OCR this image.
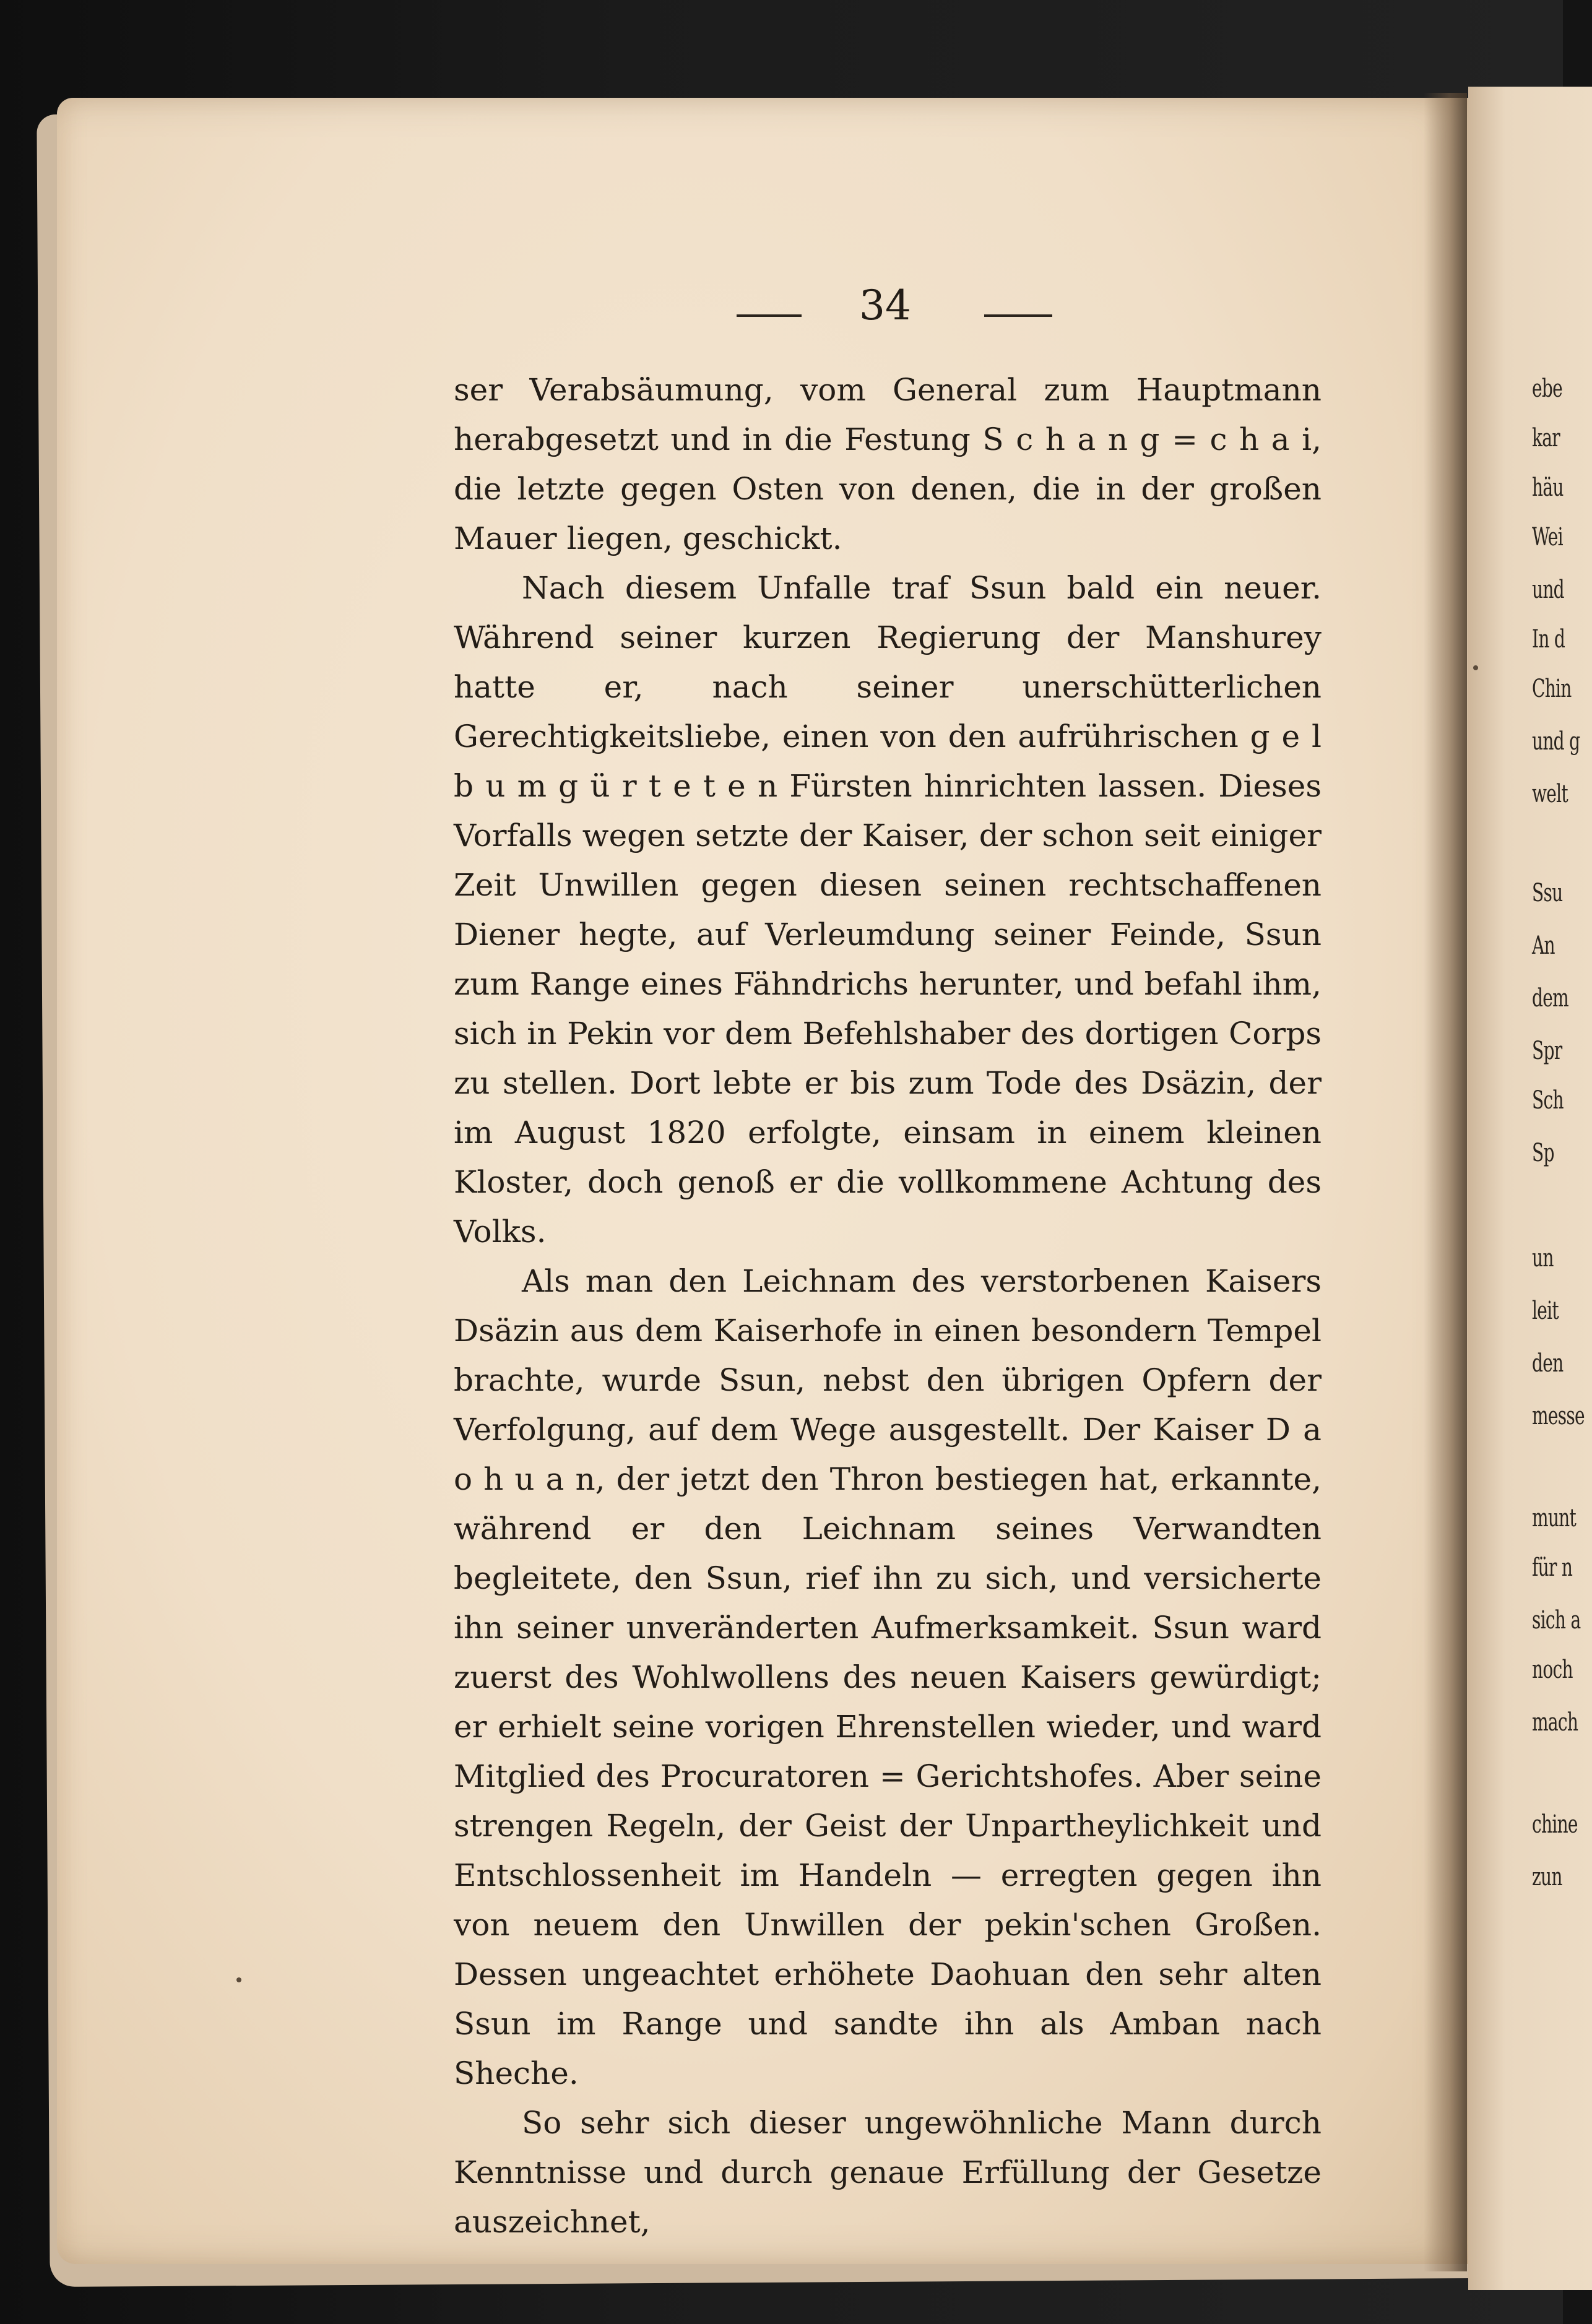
34

ser Verabsäumung, vom General zum Hauptmann herabgesetzt und in die Festung S c h a n g = c h a i, die letzte gegen Osten von denen, die in der großen Mauer liegen, geschickt.

Nach diesem Unfalle traf Ssun bald ein neuer. Während seiner kurzen Regierung der Manshurey hatte er, nach seiner unerschütterlichen Gerechtigkeitsliebe, einen von den aufrührischen g e l b u m g ü r t e t e n Fürsten hinrichten lassen. Dieses Vorfalls wegen setzte der Kaiser, der schon seit einiger Zeit Unwillen gegen diesen seinen rechtschaffenen Diener hegte, auf Verleumdung seiner Feinde, Ssun zum Range eines Fähndrichs herunter, und befahl ihm, sich in Pekin vor dem Befehlshaber des dortigen Corps zu stellen. Dort lebte er bis zum Tode des Dsäzin, der im August 1820 erfolgte, einsam in einem kleinen Kloster, doch genoß er die vollkommene Achtung des Volks.

Als man den Leichnam des verstorbenen Kaisers Dsäzin aus dem Kaiserhofe in einen besondern Tempel brachte, wurde Ssun, nebst den übrigen Opfern der Verfolgung, auf dem Wege ausgestellt. Der Kaiser D a o h u a n, der jetzt den Thron bestiegen hat, erkannte, während er den Leichnam seines Verwandten begleitete, den Ssun, rief ihn zu sich, und versicherte ihn seiner unveränderten Aufmerksamkeit. Ssun ward zuerst des Wohlwollens des neuen Kaisers gewürdigt; er erhielt seine vorigen Ehrenstellen wieder, und ward Mitglied des Procuratoren = Gerichtshofes. Aber seine strengen Regeln, der Geist der Unpartheylichkeit und Entschlossenheit im Handeln — erregten gegen ihn von neuem den Unwillen der pekin'schen Großen. Dessen ungeachtet erhöhete Daohuan den sehr alten Ssun im Range und sandte ihn als Amban nach Sheche.

So sehr sich dieser ungewöhnliche Mann durch Kenntnisse und durch genaue Erfüllung der Gesetze auszeichnet,

ebe
kar
häu
Wei
und
In d
Chin
und g
welt
Ssu
An
dem
Spr
Sch
Sp
un
leit
den
messe
munt
für n
sich a
noch
mach
chine
zun
